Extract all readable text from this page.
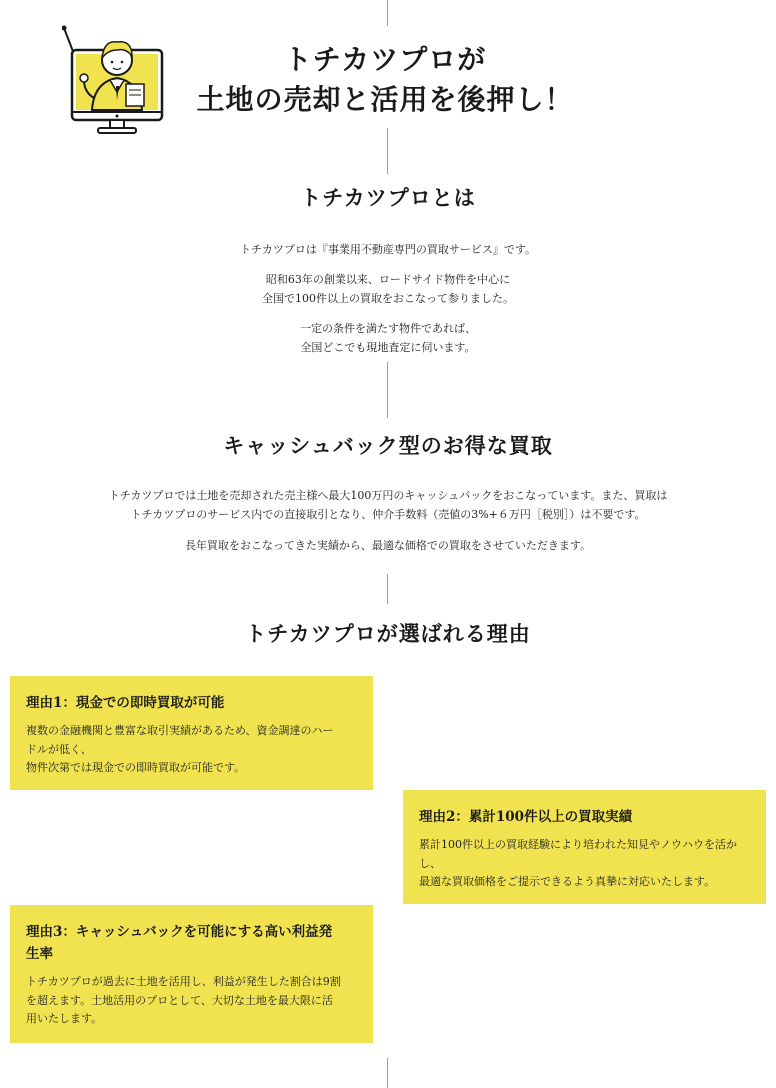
トチカツプロが
土地の売却と活用を後押し！
トチカツプロとは

トチカツプロは『事業用不動産専門の買取サービス』です。

昭和63年の創業以来、ロードサイド物件を中心に
全国で100件以上の買取をおこなって参りました。

一定の条件を満たす物件であれば、
全国どこでも現地査定に伺います。

キャッシュバック型のお得な買取

トチカツプロでは土地を売却された売主様へ最大100万円のキャッシュバックをおこなっています。また、買取は
トチカツプロのサービス内での直接取引となり、仲介手数料（売値の3%+６万円［税別］）は不要です。

長年買取をおこなってきた実績から、最適な価格での買取をさせていただきます。

トチカツプロが選ばれる理由
理由1：現金での即時買取が可能

複数の金融機関と豊富な取引実績があるため、資金調達のハー
ドルが低く、
物件次第では現金での即時買取が可能です。

理由2：累計100件以上の買取実績

累計100件以上の買取経験により培われた知見やノウハウを活か
し、
最適な買取価格をご提示できるよう真摯に対応いたします。

理由3：キャッシュバックを可能にする高い利益発
生率

トチカツプロが過去に土地を活用し、利益が発生した割合は9割
を超えます。土地活用のプロとして、大切な土地を最大限に活
用いたします。
